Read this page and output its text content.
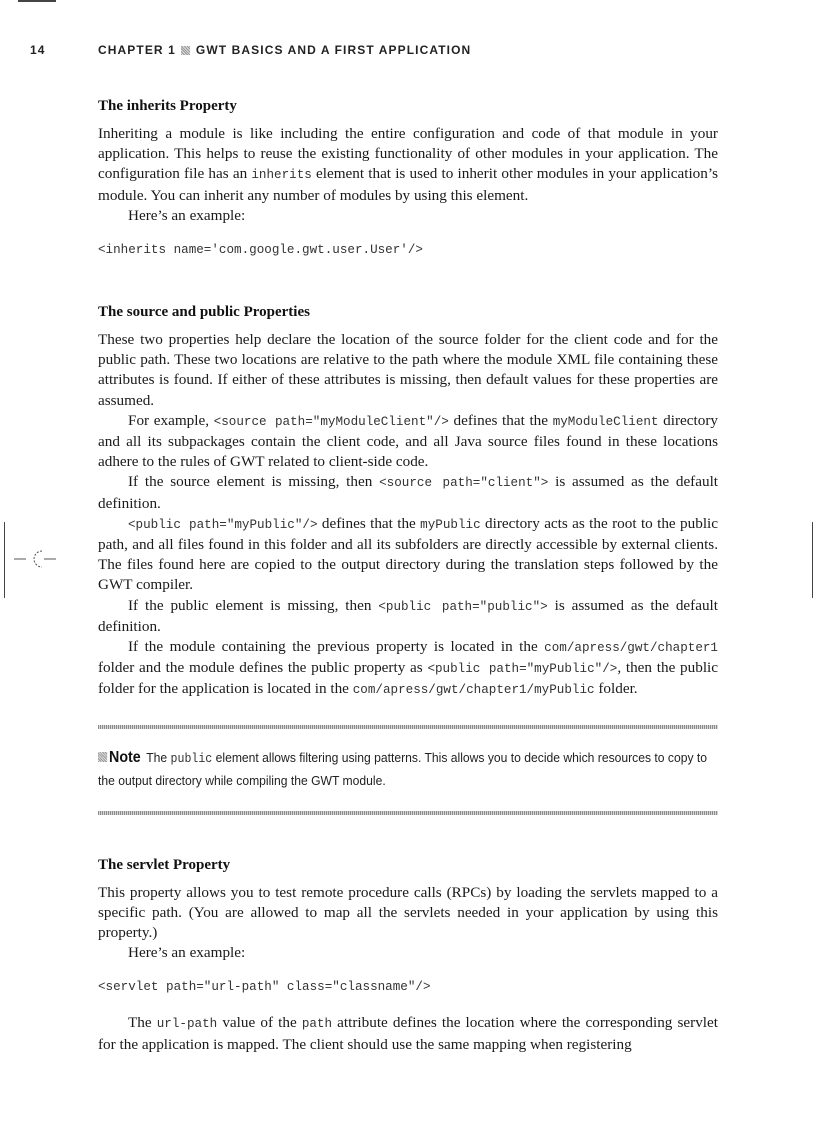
14	CHAPTER 1 GWT BASICS AND A FIRST APPLICATION
The inherits Property

Inheriting a module is like including the entire configuration and code of that module in your application. This helps to reuse the existing functionality of other modules in your application. The configuration file has an inherits element that is used to inherit other modules in your application’s module. You can inherit any number of modules by using this element.

Here’s an example:

<inherits name='com.google.gwt.user.User'/>
The source and public Properties

These two properties help declare the location of the source folder for the client code and for the public path. These two locations are relative to the path where the module XML file containing these attributes is found. If either of these attributes is missing, then default values for these properties are assumed.

For example, <source path="myModuleClient"/> defines that the myModuleClient directory and all its subpackages contain the client code, and all Java source files found in these locations adhere to the rules of GWT related to client-side code.

If the source element is missing, then <source path="client"> is assumed as the default definition.

<public path="myPublic"/> defines that the myPublic directory acts as the root to the public path, and all files found in this folder and all its subfolders are directly accessible by external clients. The files found here are copied to the output directory during the translation steps followed by the GWT compiler.

If the public element is missing, then <public path="public"> is assumed as the default definition.

If the module containing the previous property is located in the com/apress/gwt/chapter1 folder and the module defines the public property as <public path="myPublic"/>, then the public folder for the application is located in the com/apress/gwt/chapter1/myPublic folder.

Note The public element allows filtering using patterns. This allows you to decide which resources to copy to the output directory while compiling the GWT module.
The servlet Property

This property allows you to test remote procedure calls (RPCs) by loading the servlets mapped to a specific path. (You are allowed to map all the servlets needed in your application by using this property.)

Here’s an example:

<servlet path="url-path" class="classname"/>

The url-path value of the path attribute defines the location where the corresponding servlet for the application is mapped. The client should use the same mapping when registering
